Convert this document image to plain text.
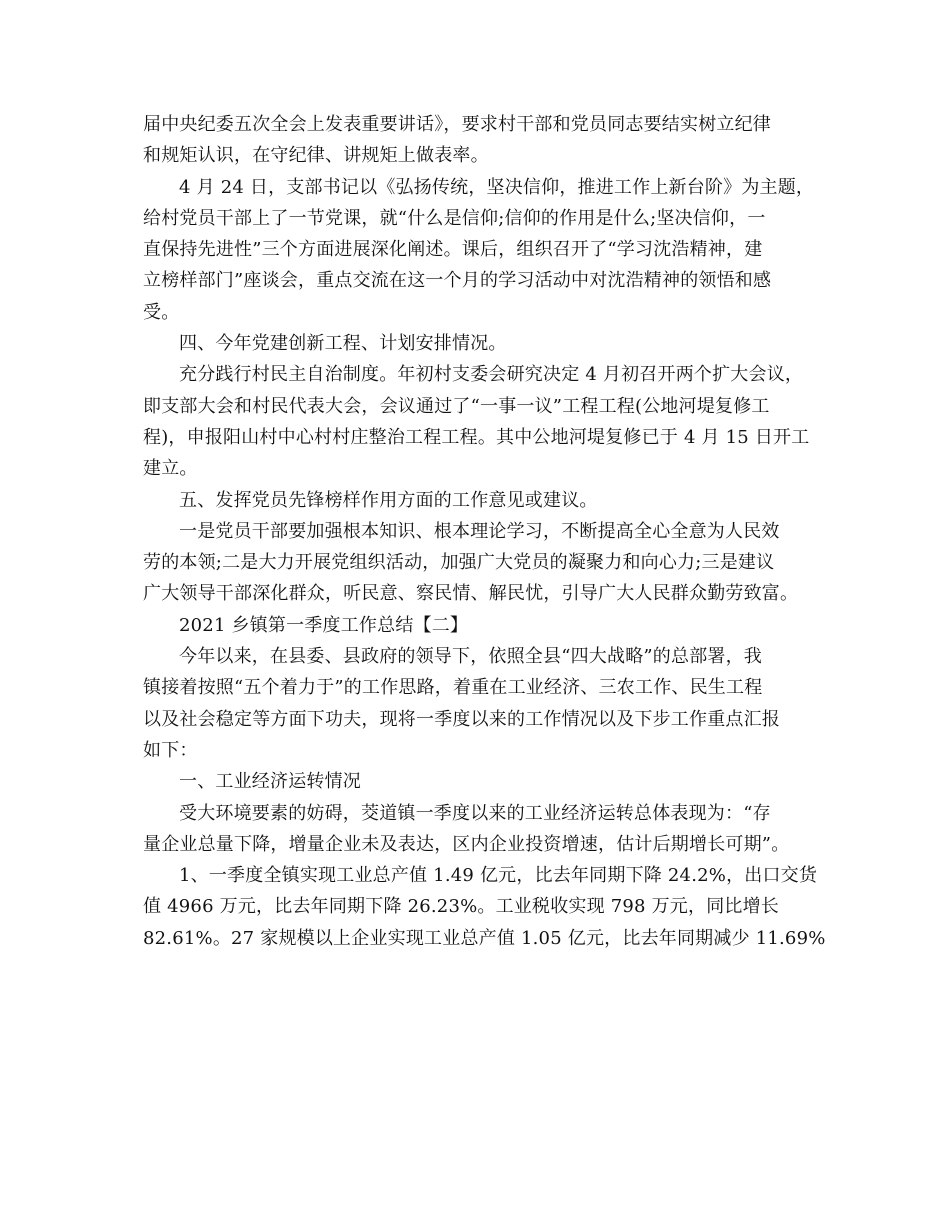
届中央纪委五次全会上发表重要讲话》，要求村干部和党员同志要结实树立纪律
和规矩认识，在守纪律、讲规矩上做表率。
4 月 24 日，支部书记以《弘扬传统，坚决信仰，推进工作上新台阶》为主题，
给村党员干部上了一节党课，就“什么是信仰;信仰的作用是什么;坚决信仰，一
直保持先进性”三个方面进展深化阐述。课后，组织召开了“学习沈浩精神，建
立榜样部门”座谈会，重点交流在这一个月的学习活动中对沈浩精神的领悟和感
受。
四、今年党建创新工程、计划安排情况。
充分践行村民主自治制度。年初村支委会研究决定 4 月初召开两个扩大会议，
即支部大会和村民代表大会，会议通过了“一事一议”工程工程(公地河堤复修工
程)，申报阳山村中心村村庄整治工程工程。其中公地河堤复修已于 4 月 15 日开工
建立。
五、发挥党员先锋榜样作用方面的工作意见或建议。
一是党员干部要加强根本知识、根本理论学习，不断提高全心全意为人民效
劳的本领;二是大力开展党组织活动，加强广大党员的凝聚力和向心力;三是建议
广大领导干部深化群众，听民意、察民情、解民忧，引导广大人民群众勤劳致富。
2021 乡镇第一季度工作总结【二】
今年以来，在县委、县政府的领导下，依照全县“四大战略”的总部署，我
镇接着按照“五个着力于”的工作思路，着重在工业经济、三农工作、民生工程
以及社会稳定等方面下功夫，现将一季度以来的工作情况以及下步工作重点汇报
如下：
一、工业经济运转情况
受大环境要素的妨碍，茭道镇一季度以来的工业经济运转总体表现为：“存
量企业总量下降，增量企业未及表达，区内企业投资增速，估计后期增长可期”。
1、一季度全镇实现工业总产值 1.49 亿元，比去年同期下降 24.2%，出口交货
值 4966 万元，比去年同期下降 26.23%。工业税收实现 798 万元，同比增长
82.61%。27 家规模以上企业实现工业总产值 1.05 亿元，比去年同期减少 11.69%
